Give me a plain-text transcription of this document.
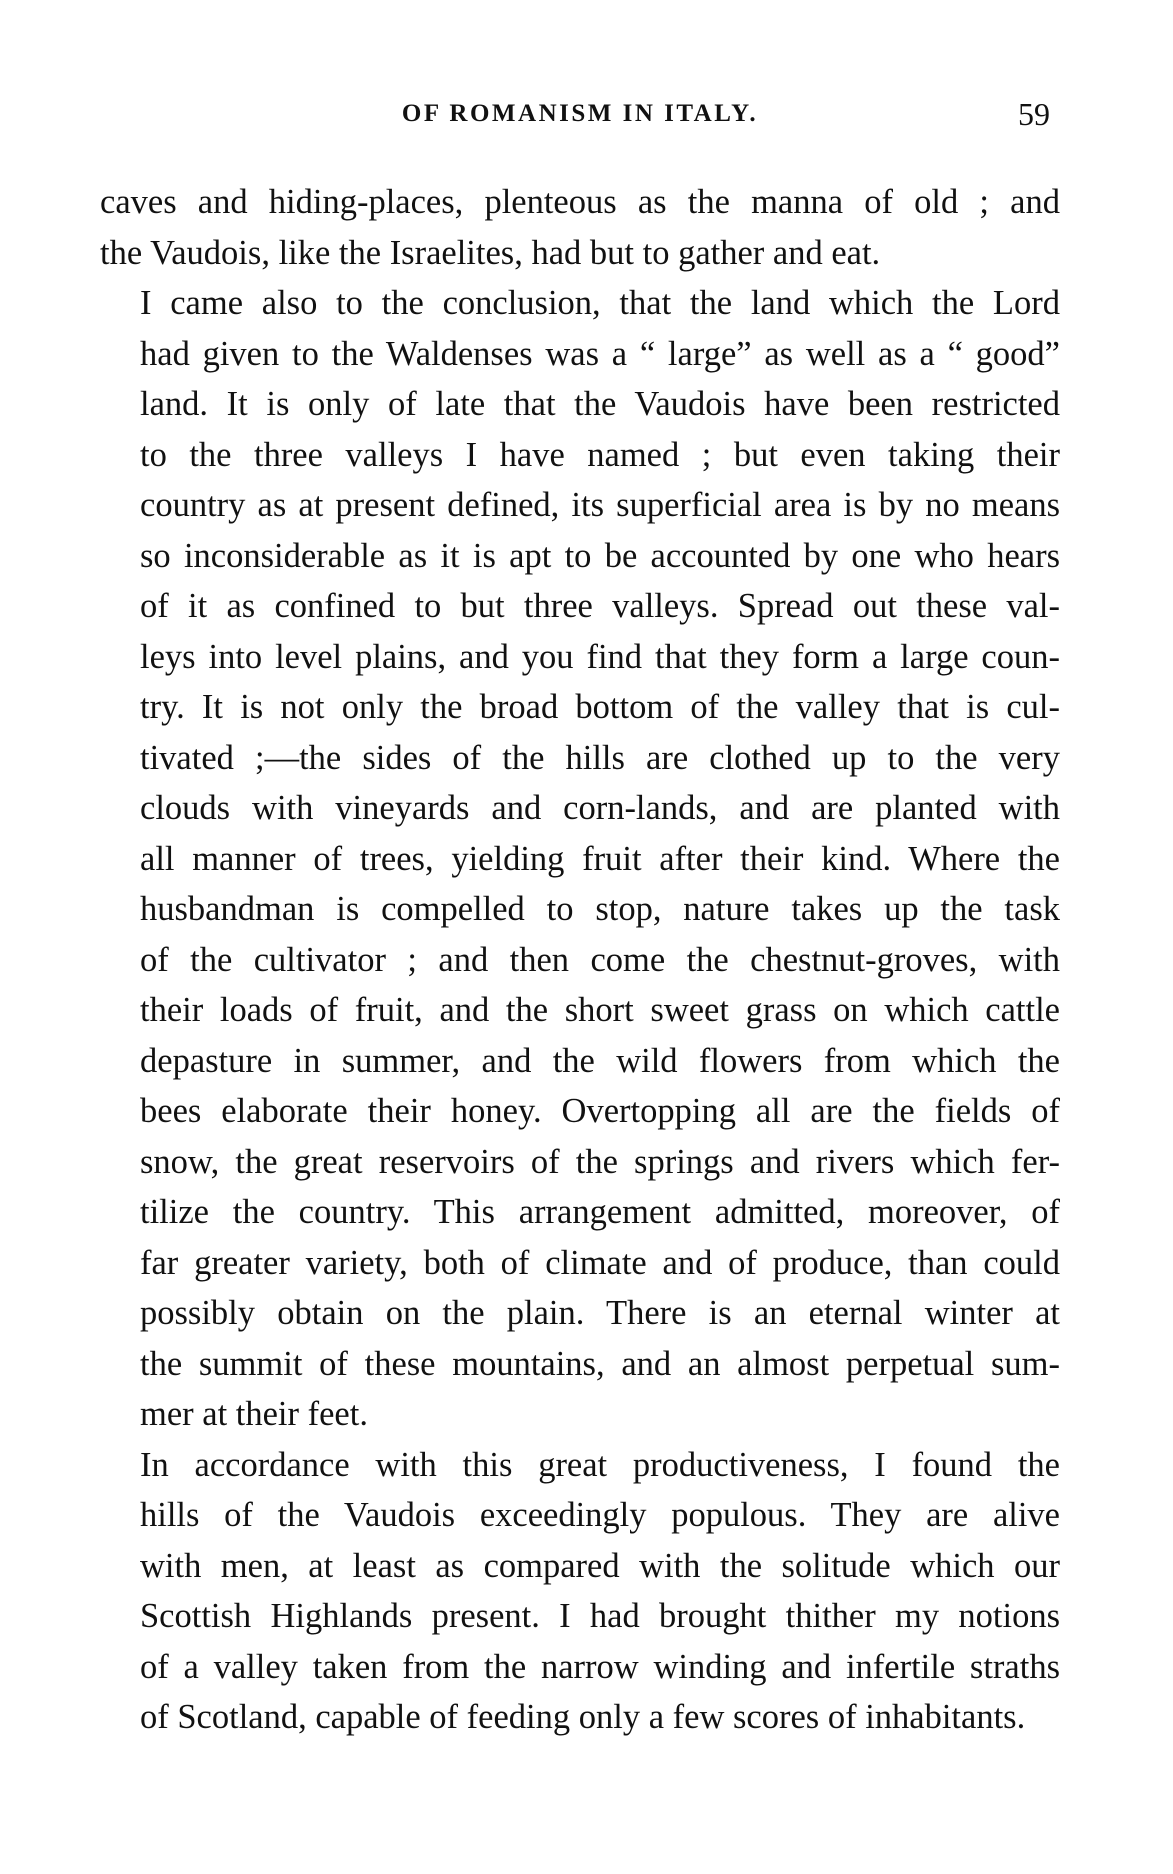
OF ROMANISM IN ITALY.	59

caves and hiding-places, plenteous as the manna of old ; and
the Vaudois, like the Israelites, had but to gather and eat.

I came also to the conclusion, that the land which the Lord
had given to the Waldenses was a “ large” as well as a “ good”
land. It is only of late that the Vaudois have been restricted
to the three valleys I have named ; but even taking their
country as at present defined, its superficial area is by no means
so inconsiderable as it is apt to be accounted by one who hears
of it as confined to but three valleys. Spread out these val-
leys into level plains, and you find that they form a large coun-
try. It is not only the broad bottom of the valley that is cul-
tivated ;—the sides of the hills are clothed up to the very
clouds with vineyards and corn-lands, and are planted with
all manner of trees, yielding fruit after their kind. Where the
husbandman is compelled to stop, nature takes up the task
of the cultivator ; and then come the chestnut-groves, with
their loads of fruit, and the short sweet grass on which cattle
depasture in summer, and the wild flowers from which the
bees elaborate their honey. Overtopping all are the fields of
snow, the great reservoirs of the springs and rivers which fer-
tilize the country. This arrangement admitted, moreover, of
far greater variety, both of climate and of produce, than could
possibly obtain on the plain. There is an eternal winter at
the summit of these mountains, and an almost perpetual sum-
mer at their feet.

In accordance with this great productiveness, I found the
hills of the Vaudois exceedingly populous. They are alive
with men, at least as compared with the solitude which our
Scottish Highlands present. I had brought thither my notions
of a valley taken from the narrow winding and infertile straths
of Scotland, capable of feeding only a few scores of inhabitants.
